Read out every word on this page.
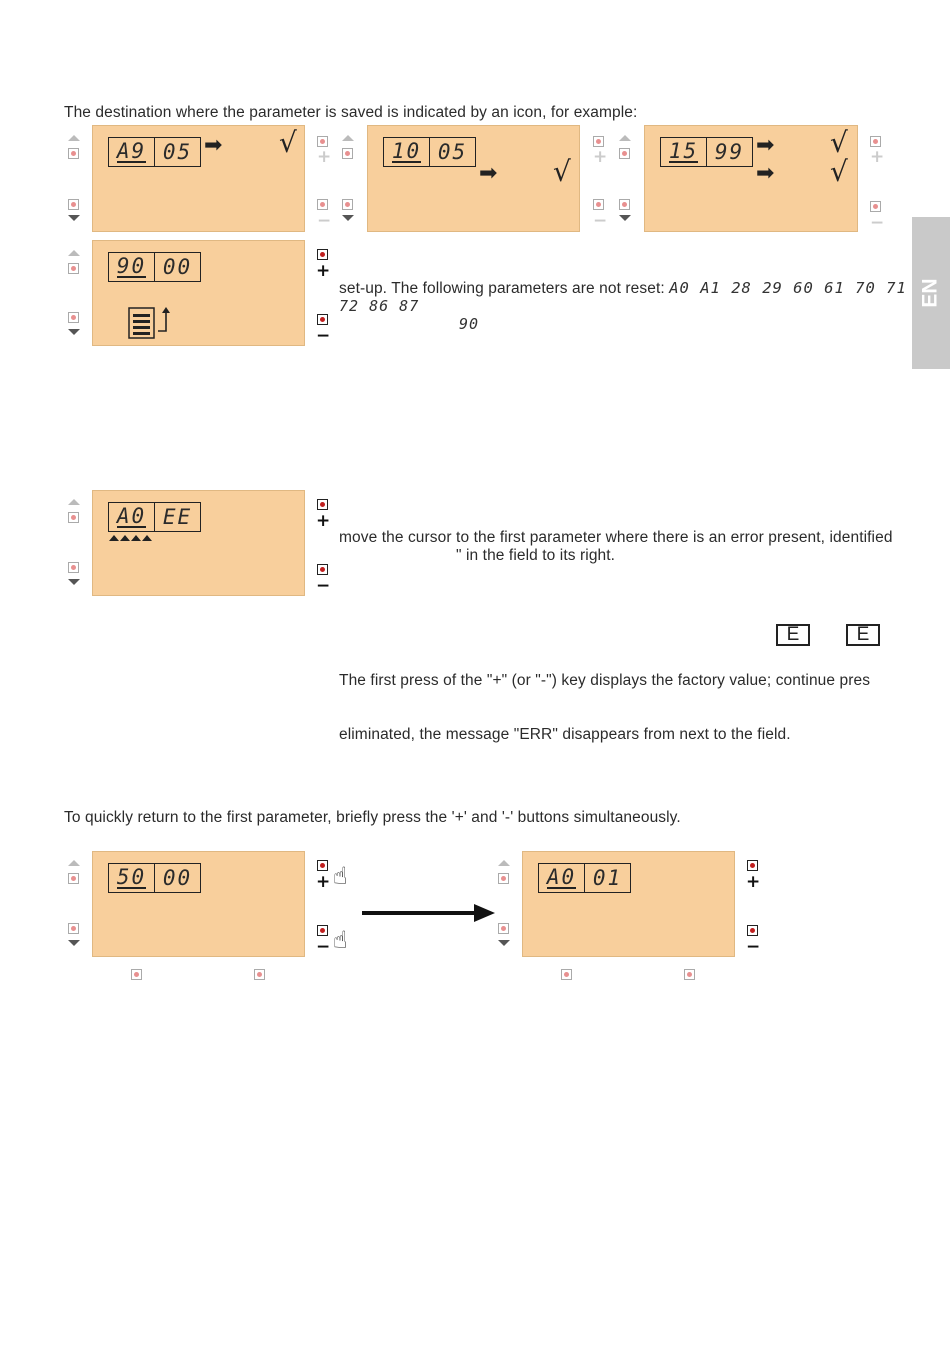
EN
The destination where the parameter is saved is indicated by an icon, for example:
A9 05 ➡ √ +
−
10 05
➡ √ +
−
15 99 ➡
➡
√
√ +
−
90 00	+
−
set-up. The following parameters are not reset: A0 A1 28 29 60 61 70 71
72 86 87
90
A0 EE	+
−
move the cursor to the first parameter where there is an error present, identified
" in the field to its right.
E	E
The first press of the "+" (or "-") key displays the factory value; continue pres
eliminated, the message "ERR" disappears from next to the field.
To quickly return to the first parameter, briefly press the '+' and '-' buttons simultaneously.
50 00	+ ☝
− ☝
A0 01	+
−
